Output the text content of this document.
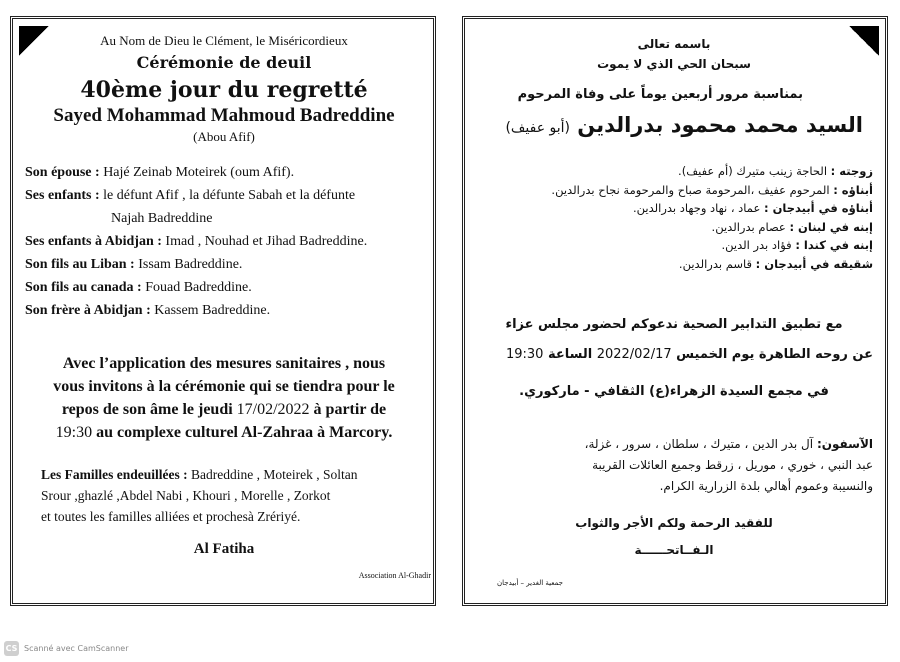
Au Nom de Dieu le Clément, le Miséricordieux
Cérémonie de deuil
40ème jour du regretté
Sayed Mohammad Mahmoud Badreddine
(Abou Afif)
Son épouse : Hajé Zeinab Moteirek (oum Afif).
Ses enfants : le défunt Afif , la défunte Sabah et la défunte
Najah Badreddine
Ses enfants à Abidjan : Imad , Nouhad et Jihad Badreddine.
Son fils au Liban : Issam Badreddine.
Son fils au canada : Fouad Badreddine.
Son frère à Abidjan : Kassem Badreddine.
Avec l’application des mesures sanitaires , nous
vous invitons à la cérémonie qui se tiendra pour le
repos de son âme le jeudi 17/02/2022 à partir de
19:30 au complexe culturel Al-Zahraa à Marcory.
Les Familles endeuillées : Badreddine , Moteirek , Soltan
Srour ,ghazlé ,Abdel Nabi , Khouri , Morelle , Zorkot
et toutes les familles alliées et prochesà Zrériyé.
Al Fatiha
Association Al-Ghadir
باسمه تعالى
سبحان الحي الذي لا يموت
بمناسبة مرور أربعين يوماً على وفاة المرحوم
السيد محمد محمود بدرالدين (أبو عفيف)
زوجته : الحاجة زينب متيرك (أم عفيف).
أبناؤه : المرحوم عفيف ،المرحومة صباح والمرحومة نجاح بدرالدين.
أبناؤه في أبيدجان : عماد ، نهاد وجهاد بدرالدين.
إبنه في لبنان : عصام بدرالدين.
إبنه في كندا : فؤاد بدر الدين.
شقيقه في أبيدجان : قاسم بدرالدين.
مع تطبيق التدابير الصحية ندعوكم لحضور مجلس عزاء
عن روحه الطاهرة يوم الخميس 2022/02/17 الساعة 19:30
في مجمع السيدة الزهراء(ع) الثقافي - ماركوري.
الآسفون: آل بدر الدين ، متيرك ، سلطان ، سرور ، غزلة،
عبد النبي ، خوري ، موريل ، زرقط وجميع العائلات القريبة
والنسيبة وعموم أهالي بلدة الزرارية الكرام.
للفقيد الرحمة ولكم الأجر والثواب
الـفــاتحــــــة
جمعية الغدير – أبيدجان
CS Scanné avec CamScanner
